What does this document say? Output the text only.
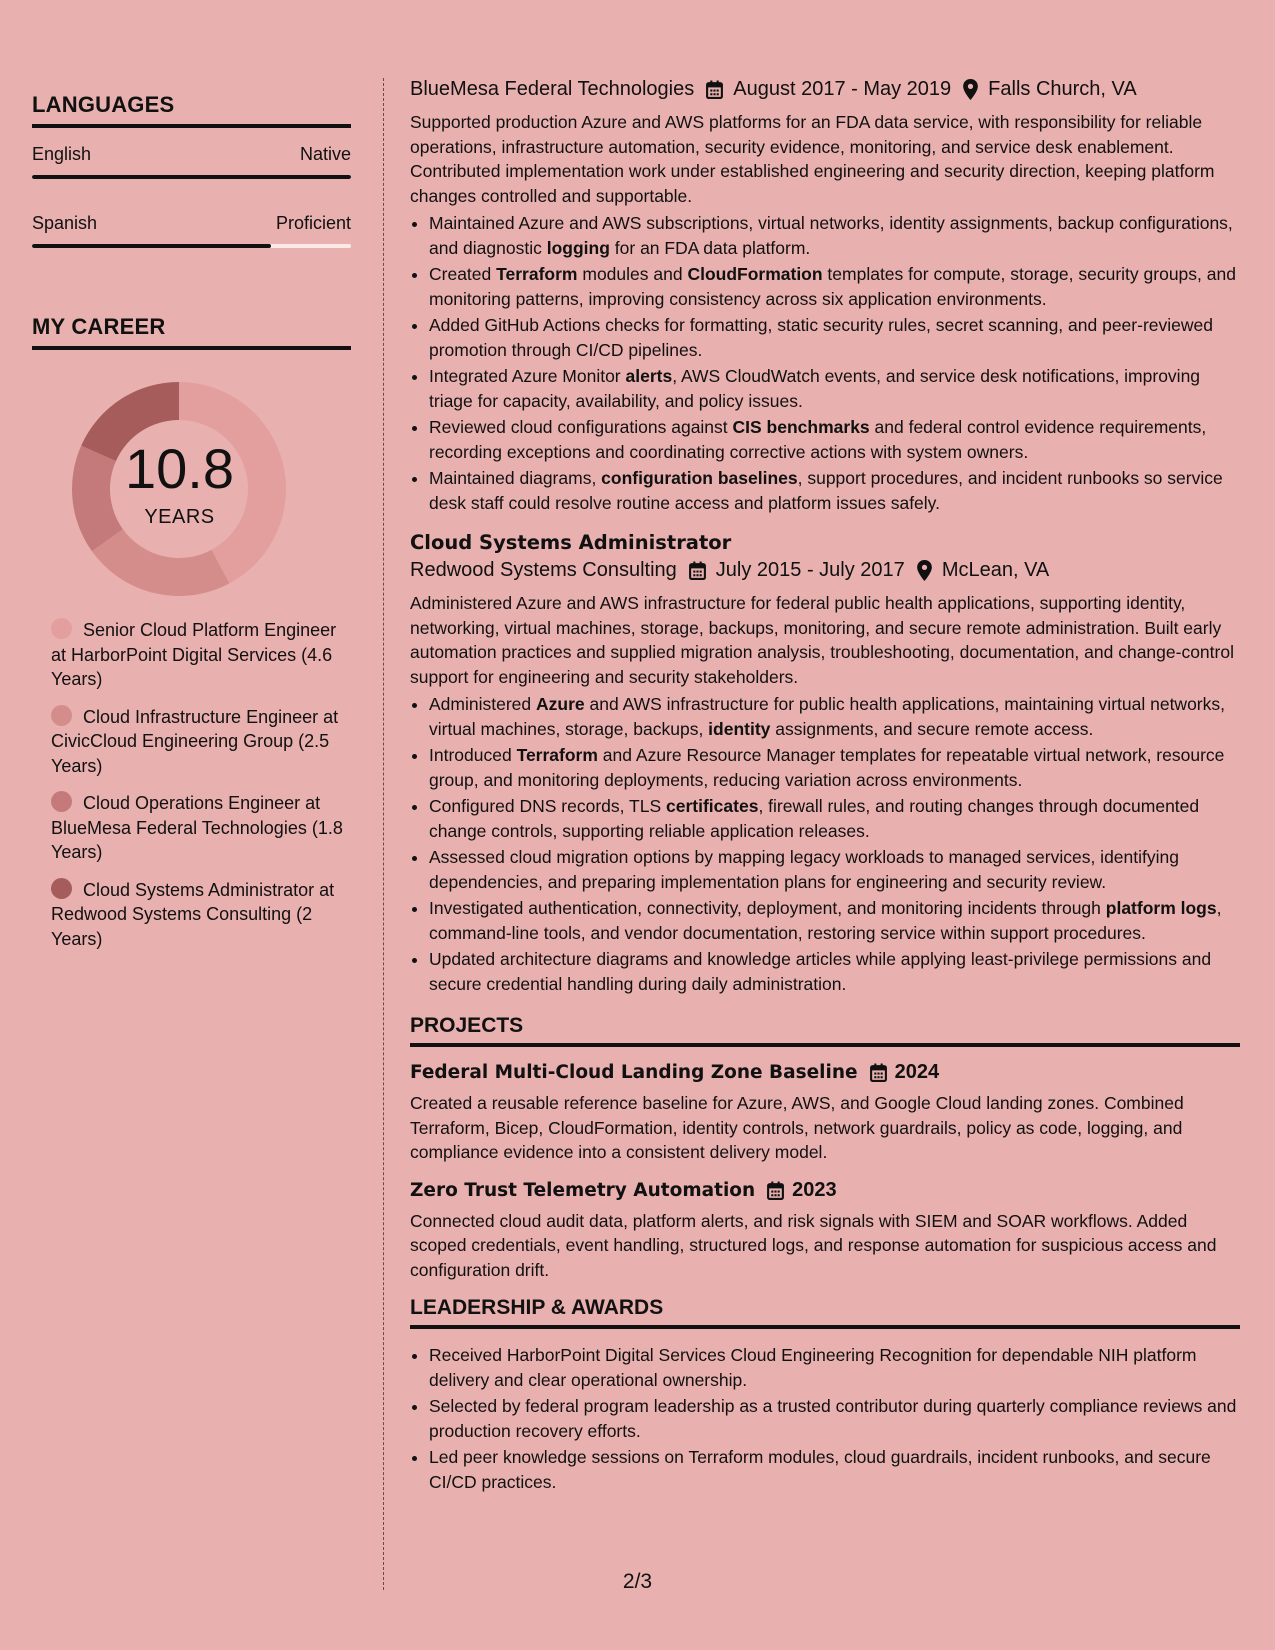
LANGUAGES
English	Native
Spanish	Proficient
MY CAREER
10.8
YEARS
Senior Cloud Platform Engineer at HarborPoint Digital Services (4.6 Years)
Cloud Infrastructure Engineer at CivicCloud Engineering Group (2.5 Years)
Cloud Operations Engineer at BlueMesa Federal Technologies (1.8 Years)
Cloud Systems Administrator at Redwood Systems Consulting (2 Years)
BlueMesa Federal Technologies August 2017 - May 2019 Falls Church, VA
Supported production Azure and AWS platforms for an FDA data service, with responsibility for reliable operations, infrastructure automation, security evidence, monitoring, and service desk enablement. Contributed implementation work under established engineering and security direction, keeping platform changes controlled and supportable.
• Maintained Azure and AWS subscriptions, virtual networks, identity assignments, backup configurations, and diagnostic logging for an FDA data platform.
• Created Terraform modules and CloudFormation templates for compute, storage, security groups, and monitoring patterns, improving consistency across six application environments.
• Added GitHub Actions checks for formatting, static security rules, secret scanning, and peer-reviewed promotion through CI/CD pipelines.
• Integrated Azure Monitor alerts, AWS CloudWatch events, and service desk notifications, improving triage for capacity, availability, and policy issues.
• Reviewed cloud configurations against CIS benchmarks and federal control evidence requirements, recording exceptions and coordinating corrective actions with system owners.
• Maintained diagrams, configuration baselines, support procedures, and incident runbooks so service desk staff could resolve routine access and platform issues safely.
Cloud Systems Administrator
Redwood Systems Consulting July 2015 - July 2017 McLean, VA
Administered Azure and AWS infrastructure for federal public health applications, supporting identity, networking, virtual machines, storage, backups, monitoring, and secure remote administration. Built early automation practices and supplied migration analysis, troubleshooting, documentation, and change-control support for engineering and security stakeholders.
• Administered Azure and AWS infrastructure for public health applications, maintaining virtual networks, virtual machines, storage, backups, identity assignments, and secure remote access.
• Introduced Terraform and Azure Resource Manager templates for repeatable virtual network, resource group, and monitoring deployments, reducing variation across environments.
• Configured DNS records, TLS certificates, firewall rules, and routing changes through documented change controls, supporting reliable application releases.
• Assessed cloud migration options by mapping legacy workloads to managed services, identifying dependencies, and preparing implementation plans for engineering and security review.
• Investigated authentication, connectivity, deployment, and monitoring incidents through platform logs, command-line tools, and vendor documentation, restoring service within support procedures.
• Updated architecture diagrams and knowledge articles while applying least-privilege permissions and secure credential handling during daily administration.
PROJECTS
Federal Multi-Cloud Landing Zone Baseline 2024
Created a reusable reference baseline for Azure, AWS, and Google Cloud landing zones. Combined Terraform, Bicep, CloudFormation, identity controls, network guardrails, policy as code, logging, and compliance evidence into a consistent delivery model.
Zero Trust Telemetry Automation 2023
Connected cloud audit data, platform alerts, and risk signals with SIEM and SOAR workflows. Added scoped credentials, event handling, structured logs, and response automation for suspicious access and configuration drift.
LEADERSHIP & AWARDS
• Received HarborPoint Digital Services Cloud Engineering Recognition for dependable NIH platform delivery and clear operational ownership.
• Selected by federal program leadership as a trusted contributor during quarterly compliance reviews and production recovery efforts.
• Led peer knowledge sessions on Terraform modules, cloud guardrails, incident runbooks, and secure CI/CD practices.
2/3
